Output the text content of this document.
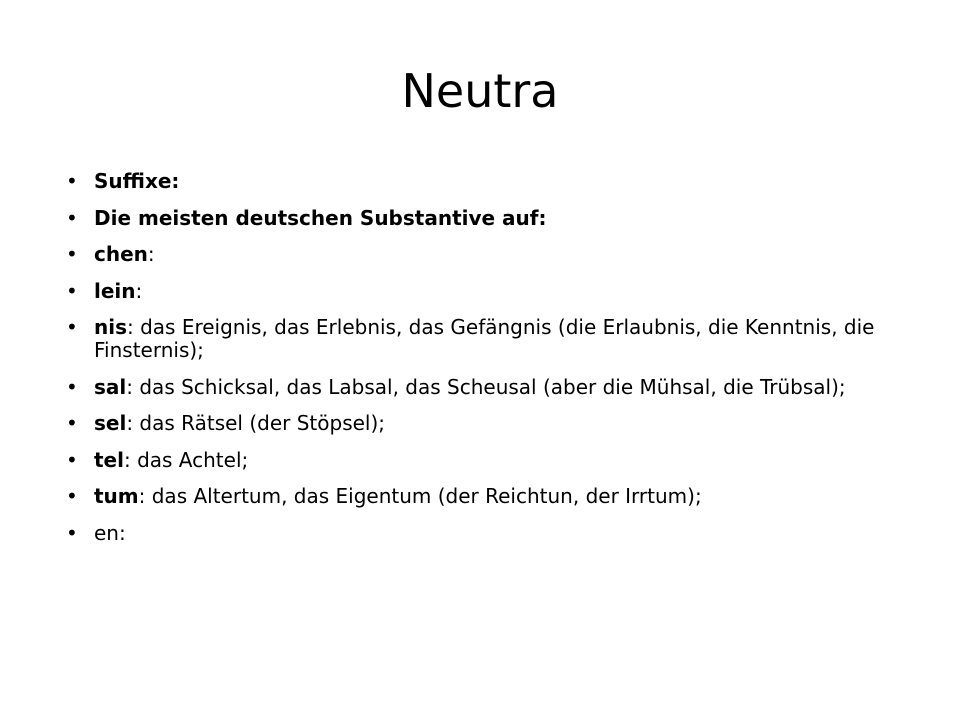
Neutra
• Suffixe:
• Die meisten deutschen Substantive auf:
• chen:
• lein:
• nis: das Ereignis, das Erlebnis, das Gefängnis (die Erlaubnis, die Kenntnis, die Finsternis);
• sal: das Schicksal, das Labsal, das Scheusal (aber die Mühsal, die Trübsal);
• sel: das Rätsel (der Stöpsel);
• tel: das Achtel;
• tum: das Altertum, das Eigentum (der Reichtun, der Irrtum);
• en:
